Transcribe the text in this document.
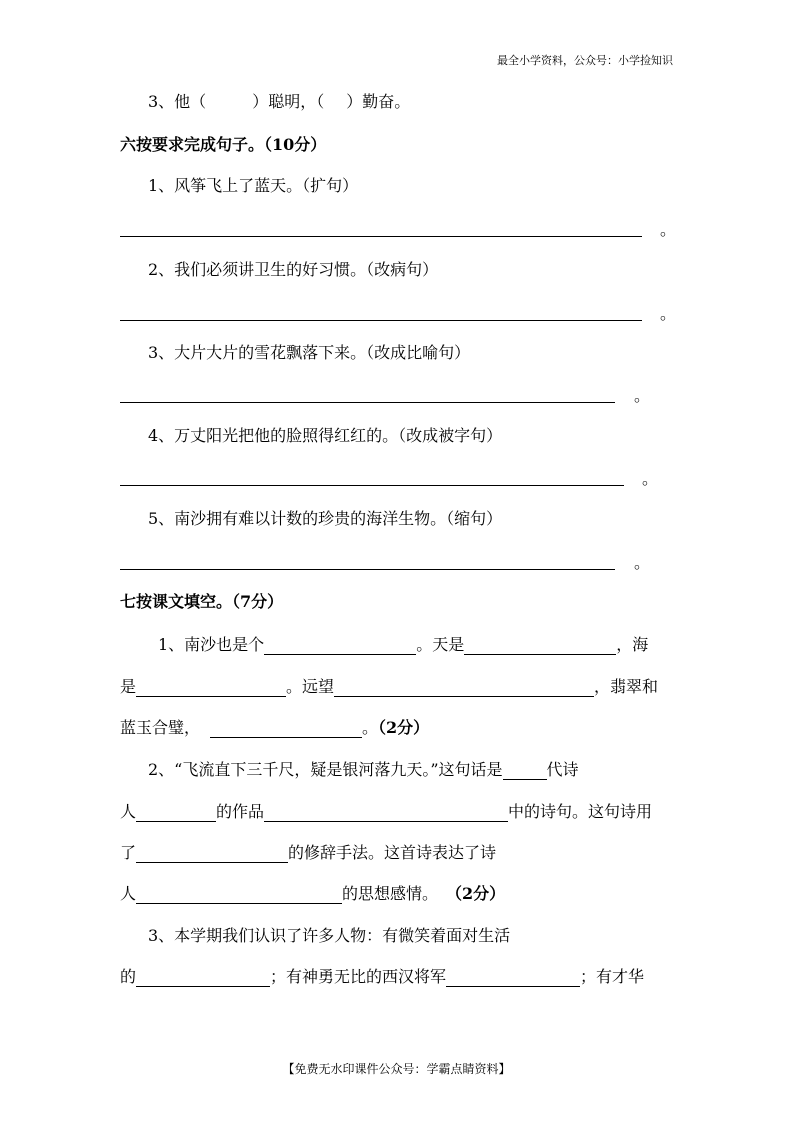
最全小学资料，公众号：小学捡知识
3、他（	）聪明，（ ）勤奋。
六按要求完成句子。（10分）
1、风筝飞上了蓝天。（扩句）
。
2、我们必须讲卫生的好习惯。（改病句）
。
3、大片大片的雪花飘落下来。（改成比喻句）
。
4、万丈阳光把他的脸照得红红的。（改成被字句）
。
5、南沙拥有难以计数的珍贵的海洋生物。（缩句）
。
七按课文填空。（7分）
1、南沙也是个	。天是	，海
是	。远望	，翡翠和
蓝玉合璧，	。（2分）
2、“飞流直下三千尺，疑是银河落九天。”这句话是	代诗
人	的作品	中的诗句。这句诗用
了	的修辞手法。这首诗表达了诗
人	的思想感情。 （2分）
3、本学期我们认识了许多人物：有微笑着面对生活
的	；有神勇无比的西汉将军	；有才华
【免费无水印课件公众号：学霸点睛资料】
